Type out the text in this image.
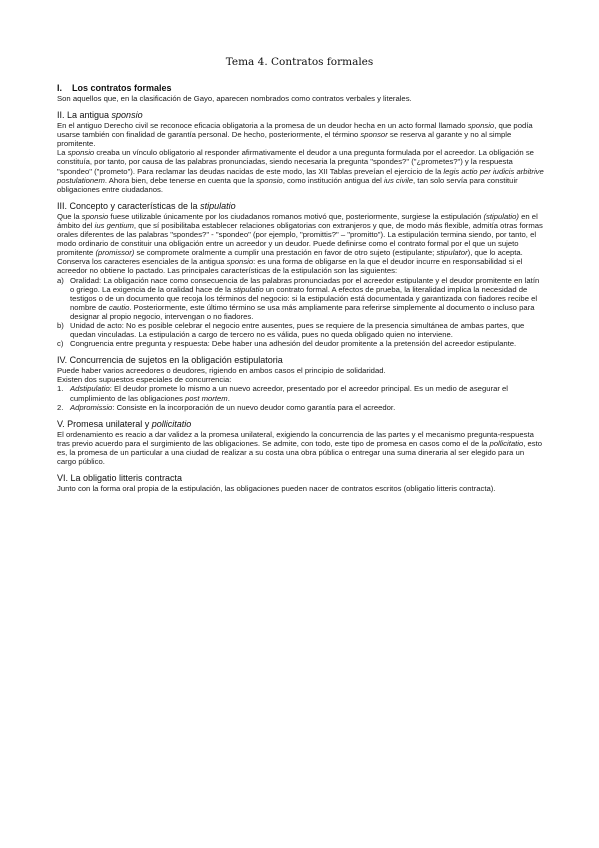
Tema 4. Contratos formales
I.    Los contratos formales

Son aquellos que, en la clasificación de Gayo, aparecen nombrados como contratos verbales y literales.

II. La antigua sponsio

En el antiguo Derecho civil se reconoce eficacia obligatoria a la promesa de un deudor hecha en un acto formal llamado sponsio, que podía usarse también con finalidad de garantía personal. De hecho, posteriormente, el término sponsor se reserva al garante y no al simple promitente.

La sponsio creaba un vínculo obligatorio al responder afirmativamente el deudor a una pregunta formulada por el acreedor. La obligación se constituía, por tanto, por causa de las palabras pronunciadas, siendo necesaria la pregunta "spondes?" ("¿prometes?") y la respuesta "spondeo" ("prometo"). Para reclamar las deudas nacidas de este modo, las XII Tablas preveían el ejercicio de la legis actio per iudicis arbitrive postulationem. Ahora bien, debe tenerse en cuenta que la sponsio, como institución antigua del ius civile, tan solo servía para constituir obligaciones entre ciudadanos.

III. Concepto y características de la stipulatio

Que la sponsio fuese utilizable únicamente por los ciudadanos romanos motivó que, posteriormente, surgiese la estipulación (stipulatio) en el ámbito del ius gentium, que sí posibilitaba establecer relaciones obligatorias con extranjeros y que, de modo más flexible, admitía otras formas orales diferentes de las palabras "spondes?" - "spondeo" (por ejemplo, "promittis?" – "promitto"). La estipulación termina siendo, por tanto, el modo ordinario de constituir una obligación entre un acreedor y un deudor. Puede definirse como el contrato formal por el que un sujeto promitente (promissor) se compromete oralmente a cumplir una prestación en favor de otro sujeto (estipulante; stipulator), que lo acepta. Conserva los caracteres esenciales de la antigua sponsio: es una forma de obligarse en la que el deudor incurre en responsabilidad si el acreedor no obtiene lo pactado. Las principales características de la estipulación son las siguientes:

a) Oralidad: La obligación nace como consecuencia de las palabras pronunciadas por el acreedor estipulante y el deudor promitente en latín o griego. La exigencia de la oralidad hace de la stipulatio un contrato formal. A efectos de prueba, la literalidad implica la necesidad de testigos o de un documento que recoja los términos del negocio: si la estipulación está documentada y garantizada con fiadores recibe el nombre de cautio. Posteriormente, este último término se usa más ampliamente para referirse simplemente al documento o incluso para designar al propio negocio, intervengan o no fiadores.
b) Unidad de acto: No es posible celebrar el negocio entre ausentes, pues se requiere de la presencia simultánea de ambas partes, que quedan vinculadas. La estipulación a cargo de tercero no es válida, pues no queda obligado quien no interviene.
c) Congruencia entre pregunta y respuesta: Debe haber una adhesión del deudor promitente a la pretensión del acreedor estipulante.
IV. Concurrencia de sujetos en la obligación estipulatoria

Puede haber varios acreedores o deudores, rigiendo en ambos casos el principio de solidaridad.

Existen dos supuestos especiales de concurrencia:

1. Adstipulatio: El deudor promete lo mismo a un nuevo acreedor, presentado por el acreedor principal. Es un medio de asegurar el cumplimiento de las obligaciones post mortem.
2. Adpromissio: Consiste en la incorporación de un nuevo deudor como garantía para el acreedor.
V. Promesa unilateral y pollicitatio

El ordenamiento es reacio a dar validez a la promesa unilateral, exigiendo la concurrencia de las partes y el mecanismo pregunta-respuesta tras previo acuerdo para el surgimiento de las obligaciones. Se admite, con todo, este tipo de promesa en casos como el de la pollicitatio, esto es, la promesa de un particular a una ciudad de realizar a su costa una obra pública o entregar una suma dineraria al ser elegido para un cargo público.

VI. La obligatio litteris contracta

Junto con la forma oral propia de la estipulación, las obligaciones pueden nacer de contratos escritos (obligatio litteris contracta).
